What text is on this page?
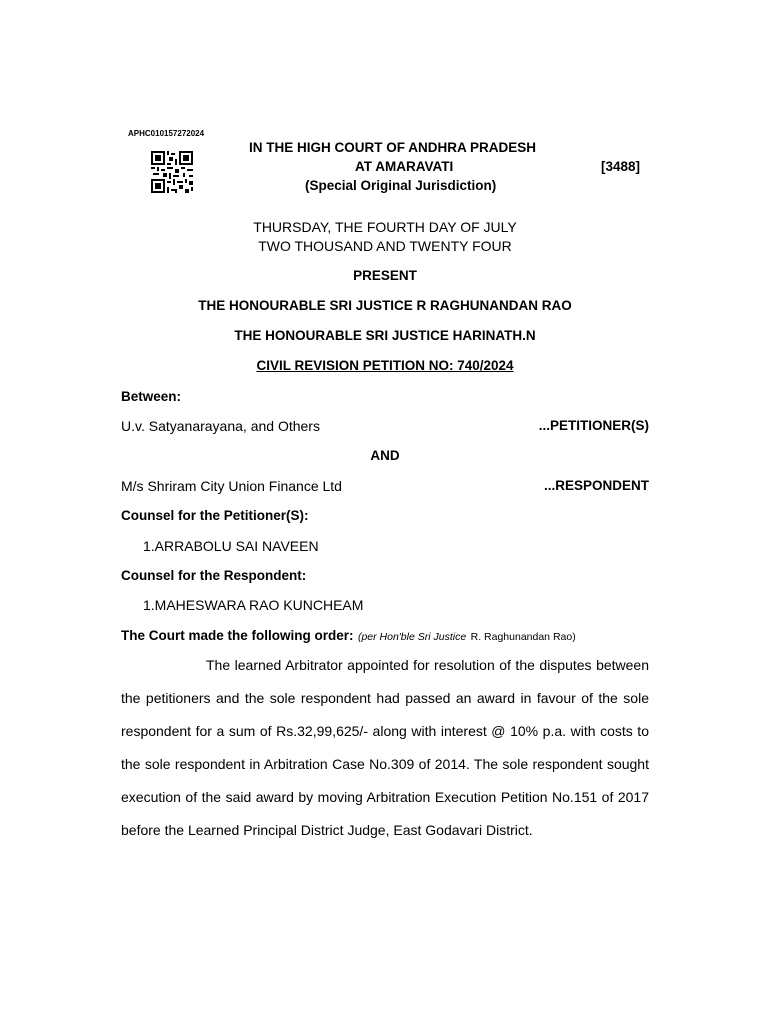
APHC010157272024
IN THE HIGH COURT OF ANDHRA PRADESH
AT AMARAVATI	[3488]
(Special Original Jurisdiction)
THURSDAY, THE FOURTH DAY OF JULY
TWO THOUSAND AND TWENTY FOUR
PRESENT
THE HONOURABLE SRI JUSTICE R RAGHUNANDAN RAO
THE HONOURABLE SRI JUSTICE HARINATH.N
CIVIL REVISION PETITION NO: 740/2024
Between:
U.v. Satyanarayana, and Others	...PETITIONER(S)
AND
M/s Shriram City Union Finance Ltd	...RESPONDENT
Counsel for the Petitioner(S):
1.ARRABOLU SAI NAVEEN
Counsel for the Respondent:
1.MAHESWARA RAO KUNCHEAM
The Court made the following order: (per Hon'ble Sri Justice R. Raghunandan Rao)
The learned Arbitrator appointed for resolution of the disputes between the petitioners and the sole respondent had passed an award in favour of the sole respondent for a sum of Rs.32,99,625/- along with interest @ 10% p.a. with costs to the sole respondent in Arbitration Case No.309 of 2014. The sole respondent sought execution of the said award by moving Arbitration Execution Petition No.151 of 2017 before the Learned Principal District Judge, East Godavari District.
